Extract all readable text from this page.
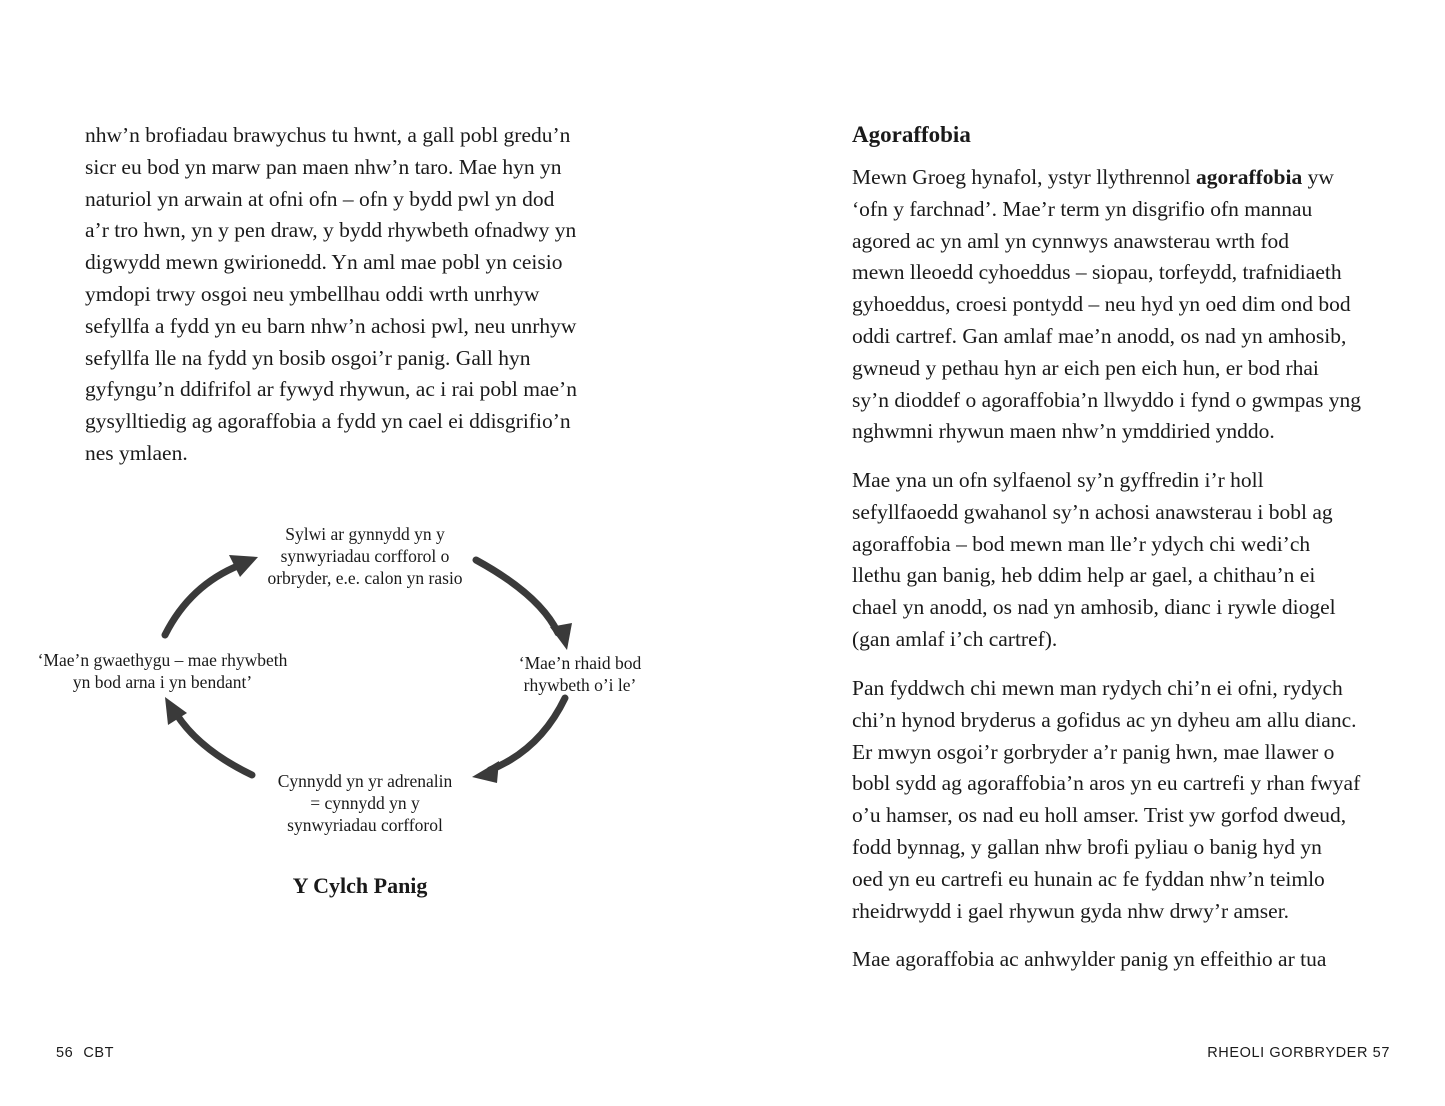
nhw’n brofiadau brawychus tu hwnt, a gall pobl gredu’n
sicr eu bod yn marw pan maen nhw’n taro. Mae hyn yn
naturiol yn arwain at ofni ofn – ofn y bydd pwl yn dod
a’r tro hwn, yn y pen draw, y bydd rhywbeth ofnadwy yn
digwydd mewn gwirionedd. Yn aml mae pobl yn ceisio
ymdopi trwy osgoi neu ymbellhau oddi wrth unrhyw
sefyllfa a fydd yn eu barn nhw’n achosi pwl, neu unrhyw
sefyllfa lle na fydd yn bosib osgoi’r panig. Gall hyn
gyfyngu’n ddifrifol ar fywyd rhywun, ac i rai pobl mae’n
gysylltiedig ag agoraffobia a fydd yn cael ei ddisgrifio’n
nes ymlaen.

Sylwi ar gynnydd yn y
synwyriadau corfforol o
orbryder, e.e. calon yn rasio
‘Mae’n rhaid bod
rhywbeth o’i le’
Cynnydd yn yr adrenalin
= cynnydd yn y
synwyriadau corfforol
‘Mae’n gwaethygu – mae rhywbeth
yn bod arna i yn bendant’

Y Cylch Panig

56 CBT
Agoraffobia

Mewn Groeg hynafol, ystyr llythrennol agoraffobia yw
‘ofn y farchnad’. Mae’r term yn disgrifio ofn mannau
agored ac yn aml yn cynnwys anawsterau wrth fod
mewn lleoedd cyhoeddus – siopau, torfeydd, trafnidiaeth
gyhoeddus, croesi pontydd – neu hyd yn oed dim ond bod
oddi cartref. Gan amlaf mae’n anodd, os nad yn amhosib,
gwneud y pethau hyn ar eich pen eich hun, er bod rhai
sy’n dioddef o agoraffobia’n llwyddo i fynd o gwmpas yng
nghwmni rhywun maen nhw’n ymddiried ynddo.

Mae yna un ofn sylfaenol sy’n gyffredin i’r holl
sefyllfaoedd gwahanol sy’n achosi anawsterau i bobl ag
agoraffobia – bod mewn man lle’r ydych chi wedi’ch
llethu gan banig, heb ddim help ar gael, a chithau’n ei
chael yn anodd, os nad yn amhosib, dianc i rywle diogel
(gan amlaf i’ch cartref).

Pan fyddwch chi mewn man rydych chi’n ei ofni, rydych
chi’n hynod bryderus a gofidus ac yn dyheu am allu dianc.
Er mwyn osgoi’r gorbryder a’r panig hwn, mae llawer o
bobl sydd ag agoraffobia’n aros yn eu cartrefi y rhan fwyaf
o’u hamser, os nad eu holl amser. Trist yw gorfod dweud,
fodd bynnag, y gallan nhw brofi pyliau o banig hyd yn
oed yn eu cartrefi eu hunain ac fe fyddan nhw’n teimlo
rheidrwydd i gael rhywun gyda nhw drwy’r amser.

Mae agoraffobia ac anhwylder panig yn effeithio ar tua

RHEOLI GORBRYDER 57
